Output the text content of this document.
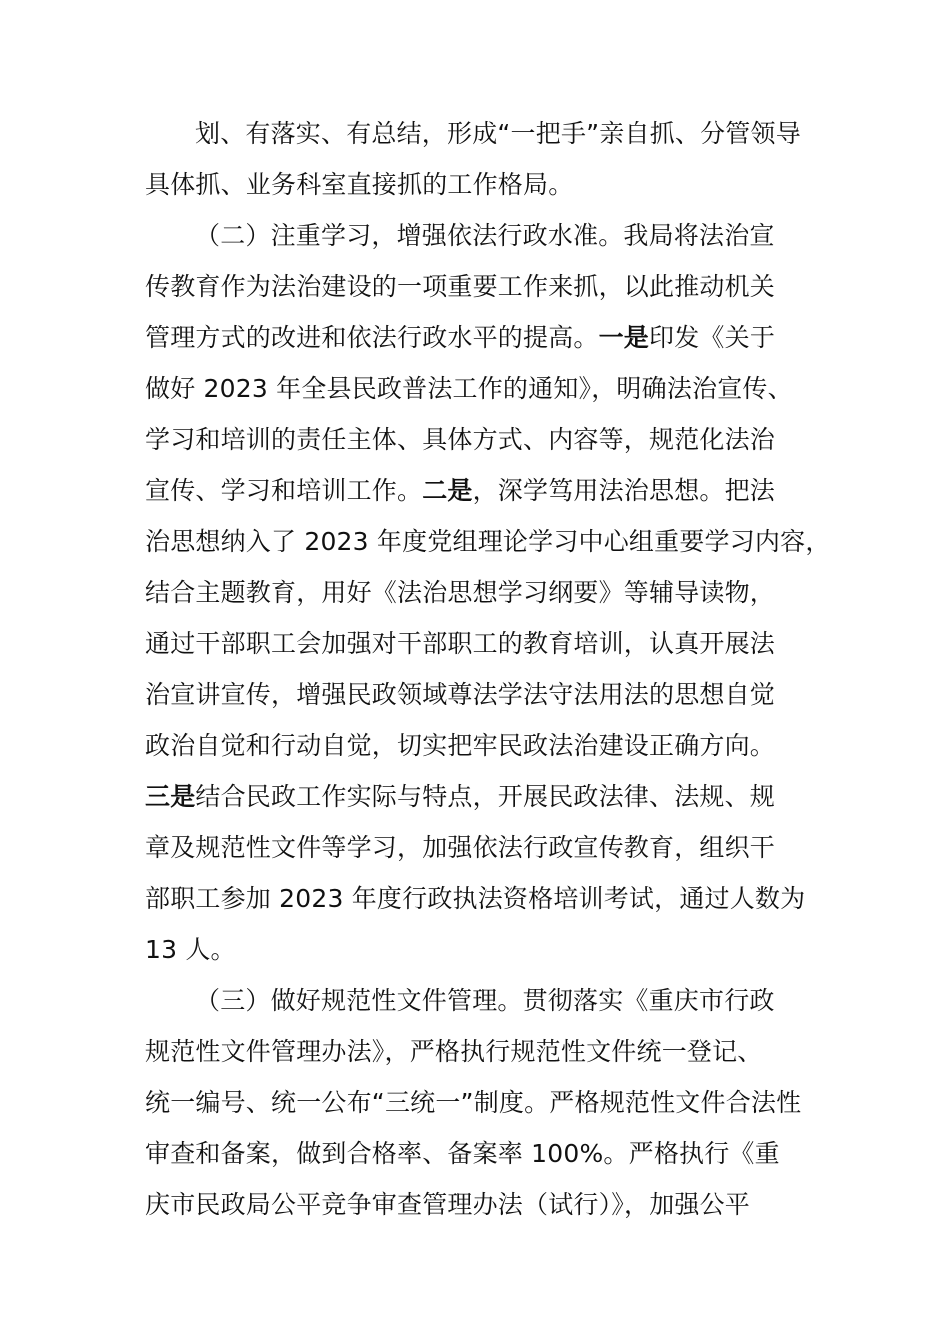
划、有落实、有总结，形成“一把手”亲自抓、分管领导
具体抓、业务科室直接抓的工作格局。
（二）注重学习，增强依法行政水准。我局将法治宣
传教育作为法治建设的一项重要工作来抓，以此推动机关
管理方式的改进和依法行政水平的提高。一是印发《关于
做好 2023 年全县民政普法工作的通知》，明确法治宣传、
学习和培训的责任主体、具体方式、内容等，规范化法治
宣传、学习和培训工作。二是，深学笃用法治思想。把法
治思想纳入了 2023 年度党组理论学习中心组重要学习内容，
结合主题教育，用好《法治思想学习纲要》等辅导读物，
通过干部职工会加强对干部职工的教育培训，认真开展法
治宣讲宣传，增强民政领域尊法学法守法用法的思想自觉
政治自觉和行动自觉，切实把牢民政法治建设正确方向。
三是结合民政工作实际与特点，开展民政法律、法规、规
章及规范性文件等学习，加强依法行政宣传教育，组织干
部职工参加 2023 年度行政执法资格培训考试，通过人数为
13 人。
（三）做好规范性文件管理。贯彻落实《重庆市行政
规范性文件管理办法》，严格执行规范性文件统一登记、
统一编号、统一公布“三统一”制度。严格规范性文件合法性
审查和备案，做到合格率、备案率 100%。严格执行《重
庆市民政局公平竞争审查管理办法（试行）》，加强公平
